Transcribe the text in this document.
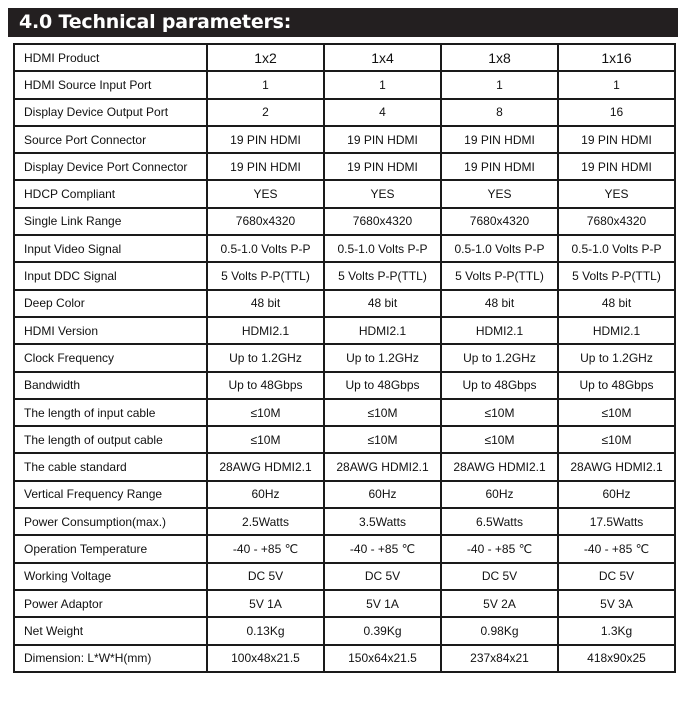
4.0 Technical parameters:
HDMI Product	1x2	1x4	1x8	1x16
HDMI Source Input Port	1	1	1	1
Display Device Output Port	2	4	8	16
Source Port Connector	19 PIN HDMI	19 PIN HDMI	19 PIN HDMI	19 PIN HDMI
Display Device Port Connector	19 PIN HDMI	19 PIN HDMI	19 PIN HDMI	19 PIN HDMI
HDCP Compliant	YES	YES	YES	YES
Single Link Range	7680x4320	7680x4320	7680x4320	7680x4320
Input Video Signal	0.5-1.0 Volts P-P	0.5-1.0 Volts P-P	0.5-1.0 Volts P-P	0.5-1.0 Volts P-P
Input DDC Signal	5 Volts P-P(TTL)	5 Volts P-P(TTL)	5 Volts P-P(TTL)	5 Volts P-P(TTL)
Deep Color	48 bit	48 bit	48 bit	48 bit
HDMI Version	HDMI2.1	HDMI2.1	HDMI2.1	HDMI2.1
Clock Frequency	Up to 1.2GHz	Up to 1.2GHz	Up to 1.2GHz	Up to 1.2GHz
Bandwidth	Up to 48Gbps	Up to 48Gbps	Up to 48Gbps	Up to 48Gbps
The length of input cable	≤10M	≤10M	≤10M	≤10M
The length of output cable	≤10M	≤10M	≤10M	≤10M
The cable standard	28AWG HDMI2.1	28AWG HDMI2.1	28AWG HDMI2.1	28AWG HDMI2.1
Vertical Frequency Range	60Hz	60Hz	60Hz	60Hz
Power Consumption(max.)	2.5Watts	3.5Watts	6.5Watts	17.5Watts
Operation Temperature	-40 - +85 ℃	-40 - +85 ℃	-40 - +85 ℃	-40 - +85 ℃
Working Voltage	DC 5V	DC 5V	DC 5V	DC 5V
Power Adaptor	5V 1A	5V 1A	5V 2A	5V 3A
Net Weight	0.13Kg	0.39Kg	0.98Kg	1.3Kg
Dimension: L*W*H(mm)	100x48x21.5	150x64x21.5	237x84x21	418x90x25
